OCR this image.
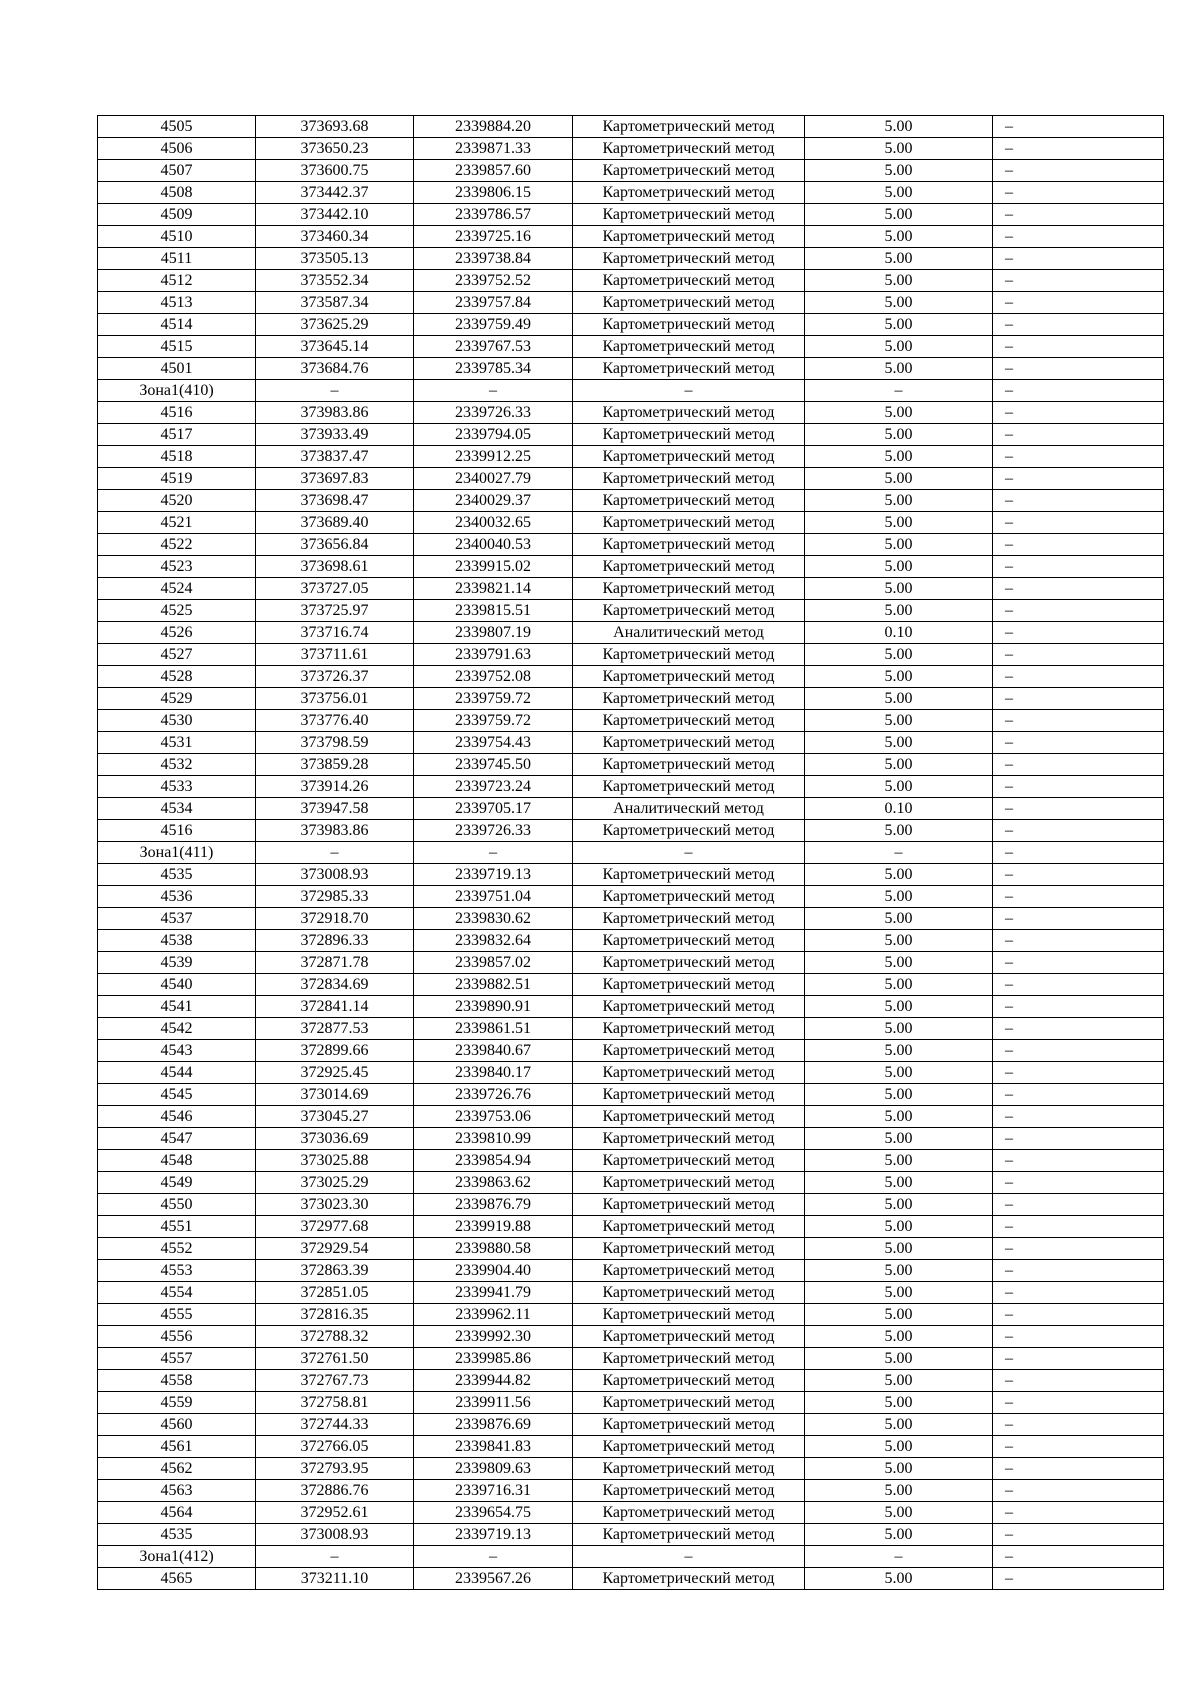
4505	373693.68	2339884.20	Картометрический метод	5.00	–
4506	373650.23	2339871.33	Картометрический метод	5.00	–
4507	373600.75	2339857.60	Картометрический метод	5.00	–
4508	373442.37	2339806.15	Картометрический метод	5.00	–
4509	373442.10	2339786.57	Картометрический метод	5.00	–
4510	373460.34	2339725.16	Картометрический метод	5.00	–
4511	373505.13	2339738.84	Картометрический метод	5.00	–
4512	373552.34	2339752.52	Картометрический метод	5.00	–
4513	373587.34	2339757.84	Картометрический метод	5.00	–
4514	373625.29	2339759.49	Картометрический метод	5.00	–
4515	373645.14	2339767.53	Картометрический метод	5.00	–
4501	373684.76	2339785.34	Картометрический метод	5.00	–
Зона1(410)	–	–	–	–	–
4516	373983.86	2339726.33	Картометрический метод	5.00	–
4517	373933.49	2339794.05	Картометрический метод	5.00	–
4518	373837.47	2339912.25	Картометрический метод	5.00	–
4519	373697.83	2340027.79	Картометрический метод	5.00	–
4520	373698.47	2340029.37	Картометрический метод	5.00	–
4521	373689.40	2340032.65	Картометрический метод	5.00	–
4522	373656.84	2340040.53	Картометрический метод	5.00	–
4523	373698.61	2339915.02	Картометрический метод	5.00	–
4524	373727.05	2339821.14	Картометрический метод	5.00	–
4525	373725.97	2339815.51	Картометрический метод	5.00	–
4526	373716.74	2339807.19	Аналитический метод	0.10	–
4527	373711.61	2339791.63	Картометрический метод	5.00	–
4528	373726.37	2339752.08	Картометрический метод	5.00	–
4529	373756.01	2339759.72	Картометрический метод	5.00	–
4530	373776.40	2339759.72	Картометрический метод	5.00	–
4531	373798.59	2339754.43	Картометрический метод	5.00	–
4532	373859.28	2339745.50	Картометрический метод	5.00	–
4533	373914.26	2339723.24	Картометрический метод	5.00	–
4534	373947.58	2339705.17	Аналитический метод	0.10	–
4516	373983.86	2339726.33	Картометрический метод	5.00	–
Зона1(411)	–	–	–	–	–
4535	373008.93	2339719.13	Картометрический метод	5.00	–
4536	372985.33	2339751.04	Картометрический метод	5.00	–
4537	372918.70	2339830.62	Картометрический метод	5.00	–
4538	372896.33	2339832.64	Картометрический метод	5.00	–
4539	372871.78	2339857.02	Картометрический метод	5.00	–
4540	372834.69	2339882.51	Картометрический метод	5.00	–
4541	372841.14	2339890.91	Картометрический метод	5.00	–
4542	372877.53	2339861.51	Картометрический метод	5.00	–
4543	372899.66	2339840.67	Картометрический метод	5.00	–
4544	372925.45	2339840.17	Картометрический метод	5.00	–
4545	373014.69	2339726.76	Картометрический метод	5.00	–
4546	373045.27	2339753.06	Картометрический метод	5.00	–
4547	373036.69	2339810.99	Картометрический метод	5.00	–
4548	373025.88	2339854.94	Картометрический метод	5.00	–
4549	373025.29	2339863.62	Картометрический метод	5.00	–
4550	373023.30	2339876.79	Картометрический метод	5.00	–
4551	372977.68	2339919.88	Картометрический метод	5.00	–
4552	372929.54	2339880.58	Картометрический метод	5.00	–
4553	372863.39	2339904.40	Картометрический метод	5.00	–
4554	372851.05	2339941.79	Картометрический метод	5.00	–
4555	372816.35	2339962.11	Картометрический метод	5.00	–
4556	372788.32	2339992.30	Картометрический метод	5.00	–
4557	372761.50	2339985.86	Картометрический метод	5.00	–
4558	372767.73	2339944.82	Картометрический метод	5.00	–
4559	372758.81	2339911.56	Картометрический метод	5.00	–
4560	372744.33	2339876.69	Картометрический метод	5.00	–
4561	372766.05	2339841.83	Картометрический метод	5.00	–
4562	372793.95	2339809.63	Картометрический метод	5.00	–
4563	372886.76	2339716.31	Картометрический метод	5.00	–
4564	372952.61	2339654.75	Картометрический метод	5.00	–
4535	373008.93	2339719.13	Картометрический метод	5.00	–
Зона1(412)	–	–	–	–	–
4565	373211.10	2339567.26	Картометрический метод	5.00	–
